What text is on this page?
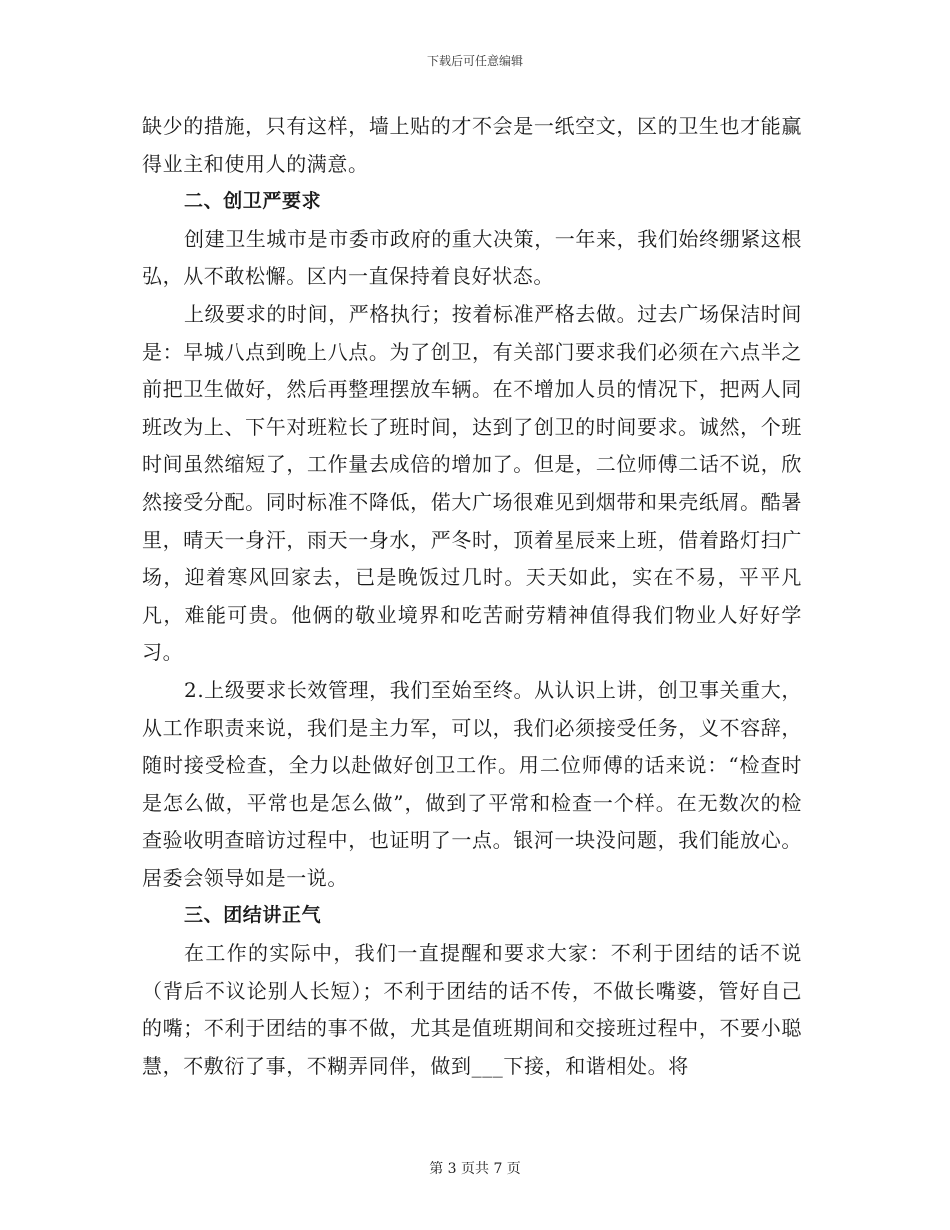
下载后可任意编辑

缺少的措施，只有这样，墙上贴的才不会是一纸空文，区的卫生也才能赢得业主和使用人的满意。

二、创卫严要求

创建卫生城市是市委市政府的重大决策，一年来，我们始终绷紧这根弘，从不敢松懈。区内一直保持着良好状态。

上级要求的时间，严格执行；按着标准严格去做。过去广场保洁时间是：早城八点到晚上八点。为了创卫，有关部门要求我们必须在六点半之前把卫生做好，然后再整理摆放车辆。在不增加人员的情况下，把两人同班改为上、下午对班粒长了班时间，达到了创卫的时间要求。诚然，个班时间虽然缩短了，工作量去成倍的增加了。但是，二位师傅二话不说，欣然接受分配。同时标准不降低，偌大广场很难见到烟带和果壳纸屑。酷暑里，晴天一身汗，雨天一身水，严冬时，顶着星辰来上班，借着路灯扫广场，迎着寒风回家去，已是晚饭过几时。天天如此，实在不易，平平凡凡，难能可贵。他俩的敬业境界和吃苦耐劳精神值得我们物业人好好学习。

2.上级要求长效管理，我们至始至终。从认识上讲，创卫事关重大，从工作职责来说，我们是主力军，可以，我们必须接受任务，义不容辞，随时接受检查，全力以赴做好创卫工作。用二位师傅的话来说：“检查时是怎么做，平常也是怎么做”，做到了平常和检查一个样。在无数次的检查验收明查暗访过程中，也证明了一点。银河一块没问题，我们能放心。居委会领导如是一说。

三、团结讲正气

在工作的实际中，我们一直提醒和要求大家：不利于团结的话不说（背后不议论别人长短）；不利于团结的话不传，不做长嘴婆，管好自己的嘴；不利于团结的事不做，尤其是值班期间和交接班过程中，不要小聪慧，不敷衍了事，不糊弄同伴，做到___下接，和谐相处。将

第 3 页共 7 页
